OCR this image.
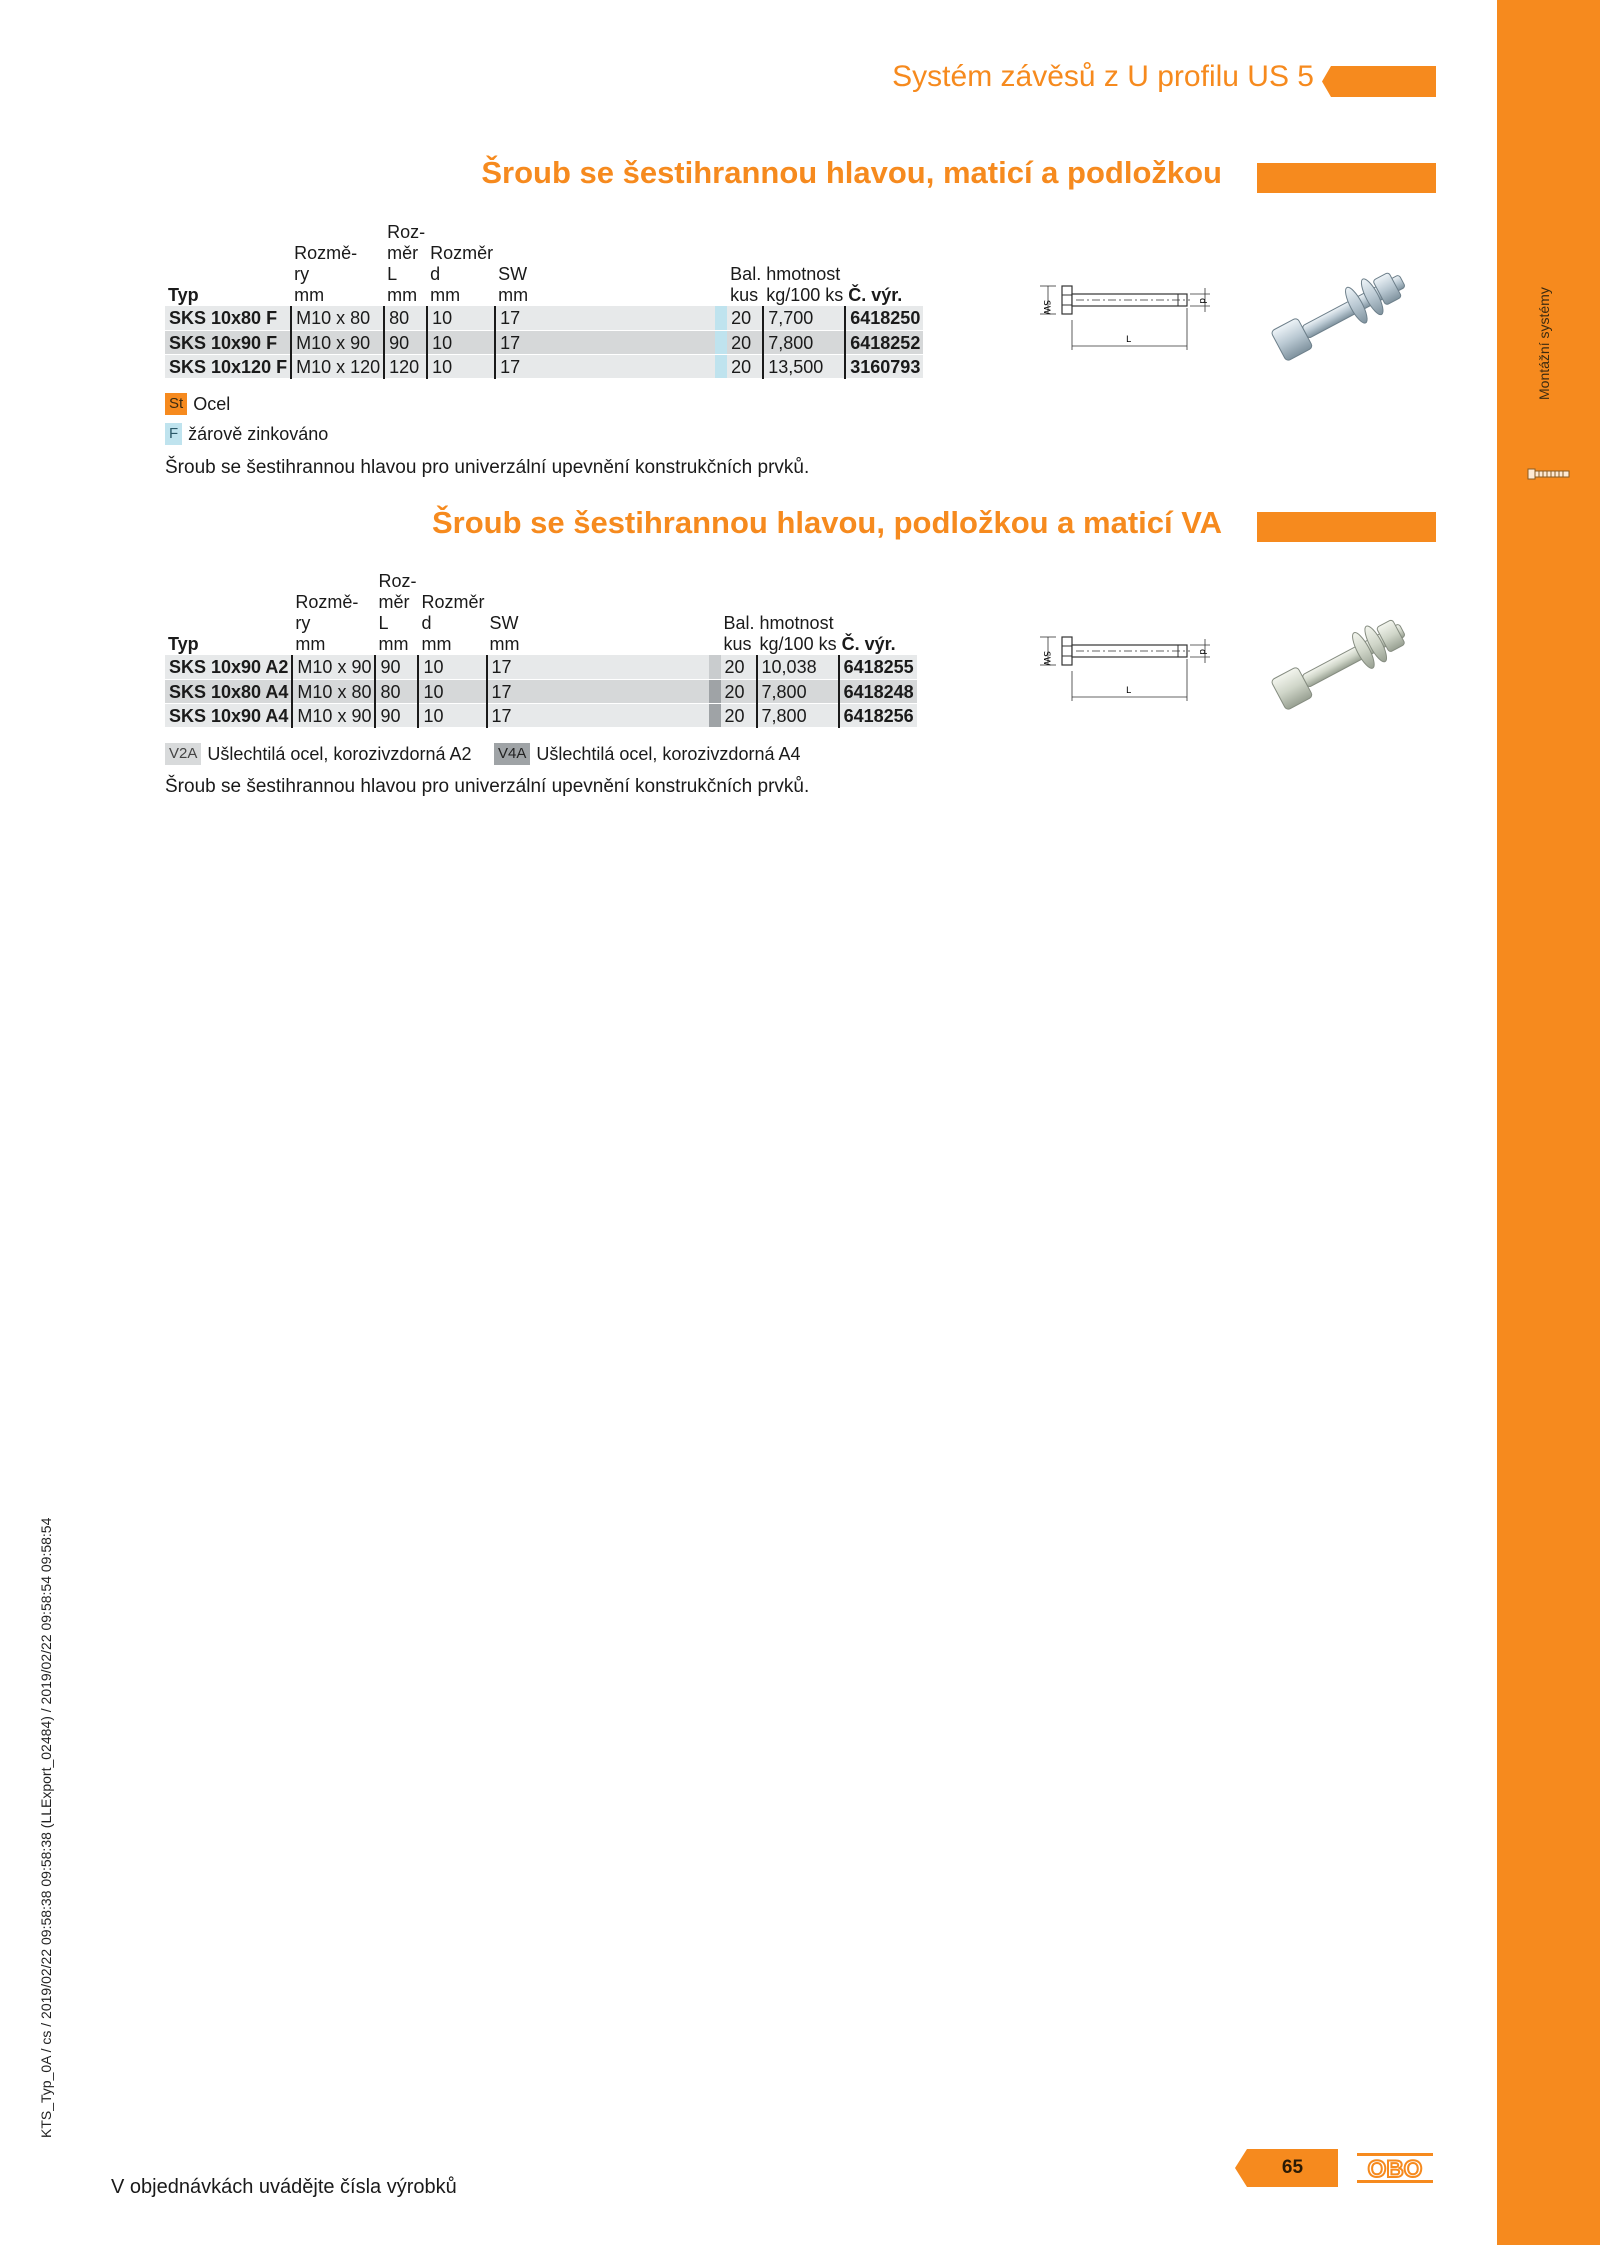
Montážní systémy
Systém závěsů z U profilu US 5
Šroub se šestihrannou hlavou, maticí a podložkou

Typ	Rozmě-
ry
mm	Roz-
měr
L
mm	Rozměr
d
mm	SW
mm		Bal.
kus	hmotnost
kg/100 ks	Č. výr.
SKS 10x80 F	M10 x 80	80	10	17		20	7,700	6418250
SKS 10x90 F	M10 x 90	90	10	17		20	7,800	6418252
SKS 10x120 F	M10 x 120	120	10	17		20	13,500	3160793
SW	d
L
St Ocel
F žárově zinkováno
Šroub se šestihrannou hlavou pro univerzální upevnění konstrukčních prvků.
Šroub se šestihrannou hlavou, podložkou a maticí VA

Typ	Rozmě-
ry
mm	Roz-
měr
L
mm	Rozměr
d
mm	SW
mm		Bal.
kus	hmotnost
kg/100 ks	Č. výr.
SKS 10x90 A2	M10 x 90	90	10	17		20	10,038	6418255
SKS 10x80 A4	M10 x 80	80	10	17		20	7,800	6418248
SKS 10x90 A4	M10 x 90	90	10	17		20	7,800	6418256
SW	d
L
V2A Ušlechtilá ocel, korozivzdorná A2 V4A Ušlechtilá ocel, korozivzdorná A4
Šroub se šestihrannou hlavou pro univerzální upevnění konstrukčních prvků.
KTS_Typ_0A / cs / 2019/02/22 09:58:38 09:58:38 (LLExport_02484) / 2019/02/22 09:58:54 09:58:54
V objednávkách uvádějte čísla výrobků
65	OBO
